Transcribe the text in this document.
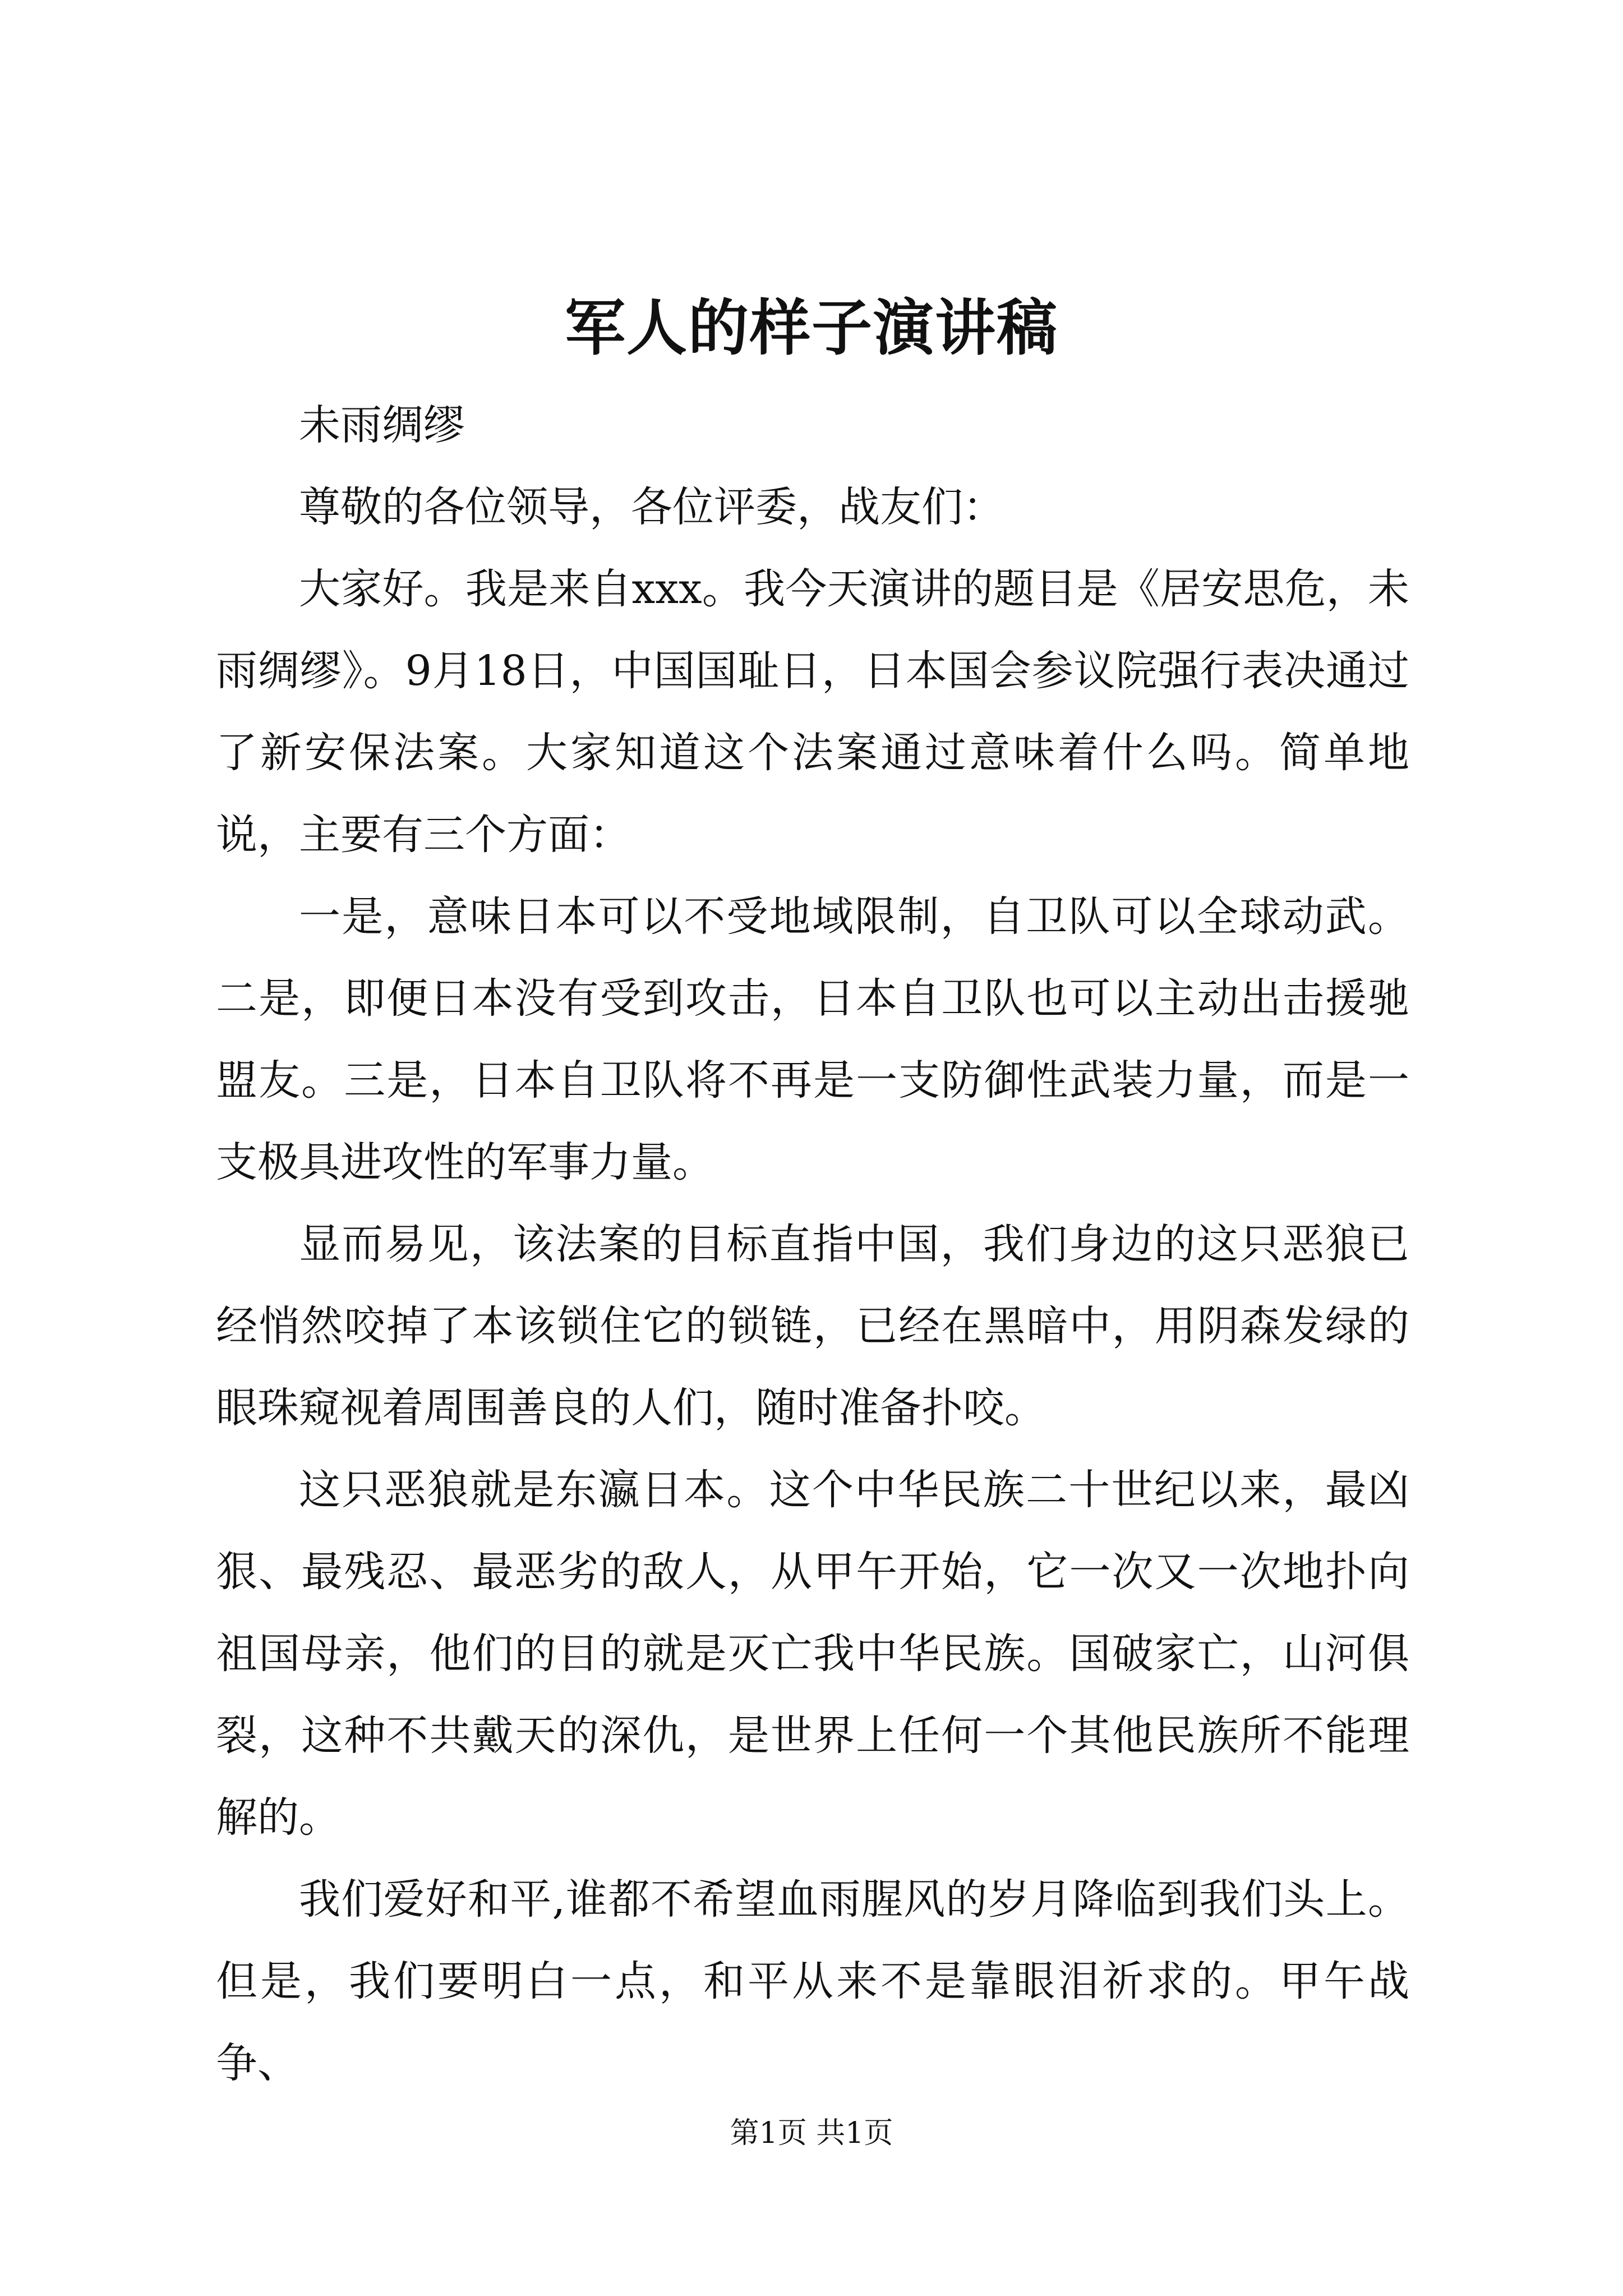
军人的样子演讲稿

未雨绸缪

尊敬的各位领导，各位评委，战友们：

大家好。我是来自xxx。我今天演讲的题目是《居安思危，未雨绸缪》。9月18日，中国国耻日，日本国会参议院强行表决通过了新安保法案。大家知道这个法案通过意味着什么吗。简单地说，主要有三个方面：

一是，意味日本可以不受地域限制，自卫队可以全球动武。二是，即便日本没有受到攻击，日本自卫队也可以主动出击援驰盟友。三是，日本自卫队将不再是一支防御性武装力量，而是一支极具进攻性的军事力量。

显而易见，该法案的目标直指中国，我们身边的这只恶狼已经悄然咬掉了本该锁住它的锁链，已经在黑暗中，用阴森发绿的眼珠窥视着周围善良的人们，随时准备扑咬。

这只恶狼就是东瀛日本。这个中华民族二十世纪以来，最凶狠、最残忍、最恶劣的敌人，从甲午开始，它一次又一次地扑向祖国母亲，他们的目的就是灭亡我中华民族。国破家亡，山河俱裂，这种不共戴天的深仇，是世界上任何一个其他民族所不能理解的。

我们爱好和平,谁都不希望血雨腥风的岁月降临到我们头上。但是，我们要明白一点，和平从来不是靠眼泪祈求的。甲午战争、

第1页 共1页
